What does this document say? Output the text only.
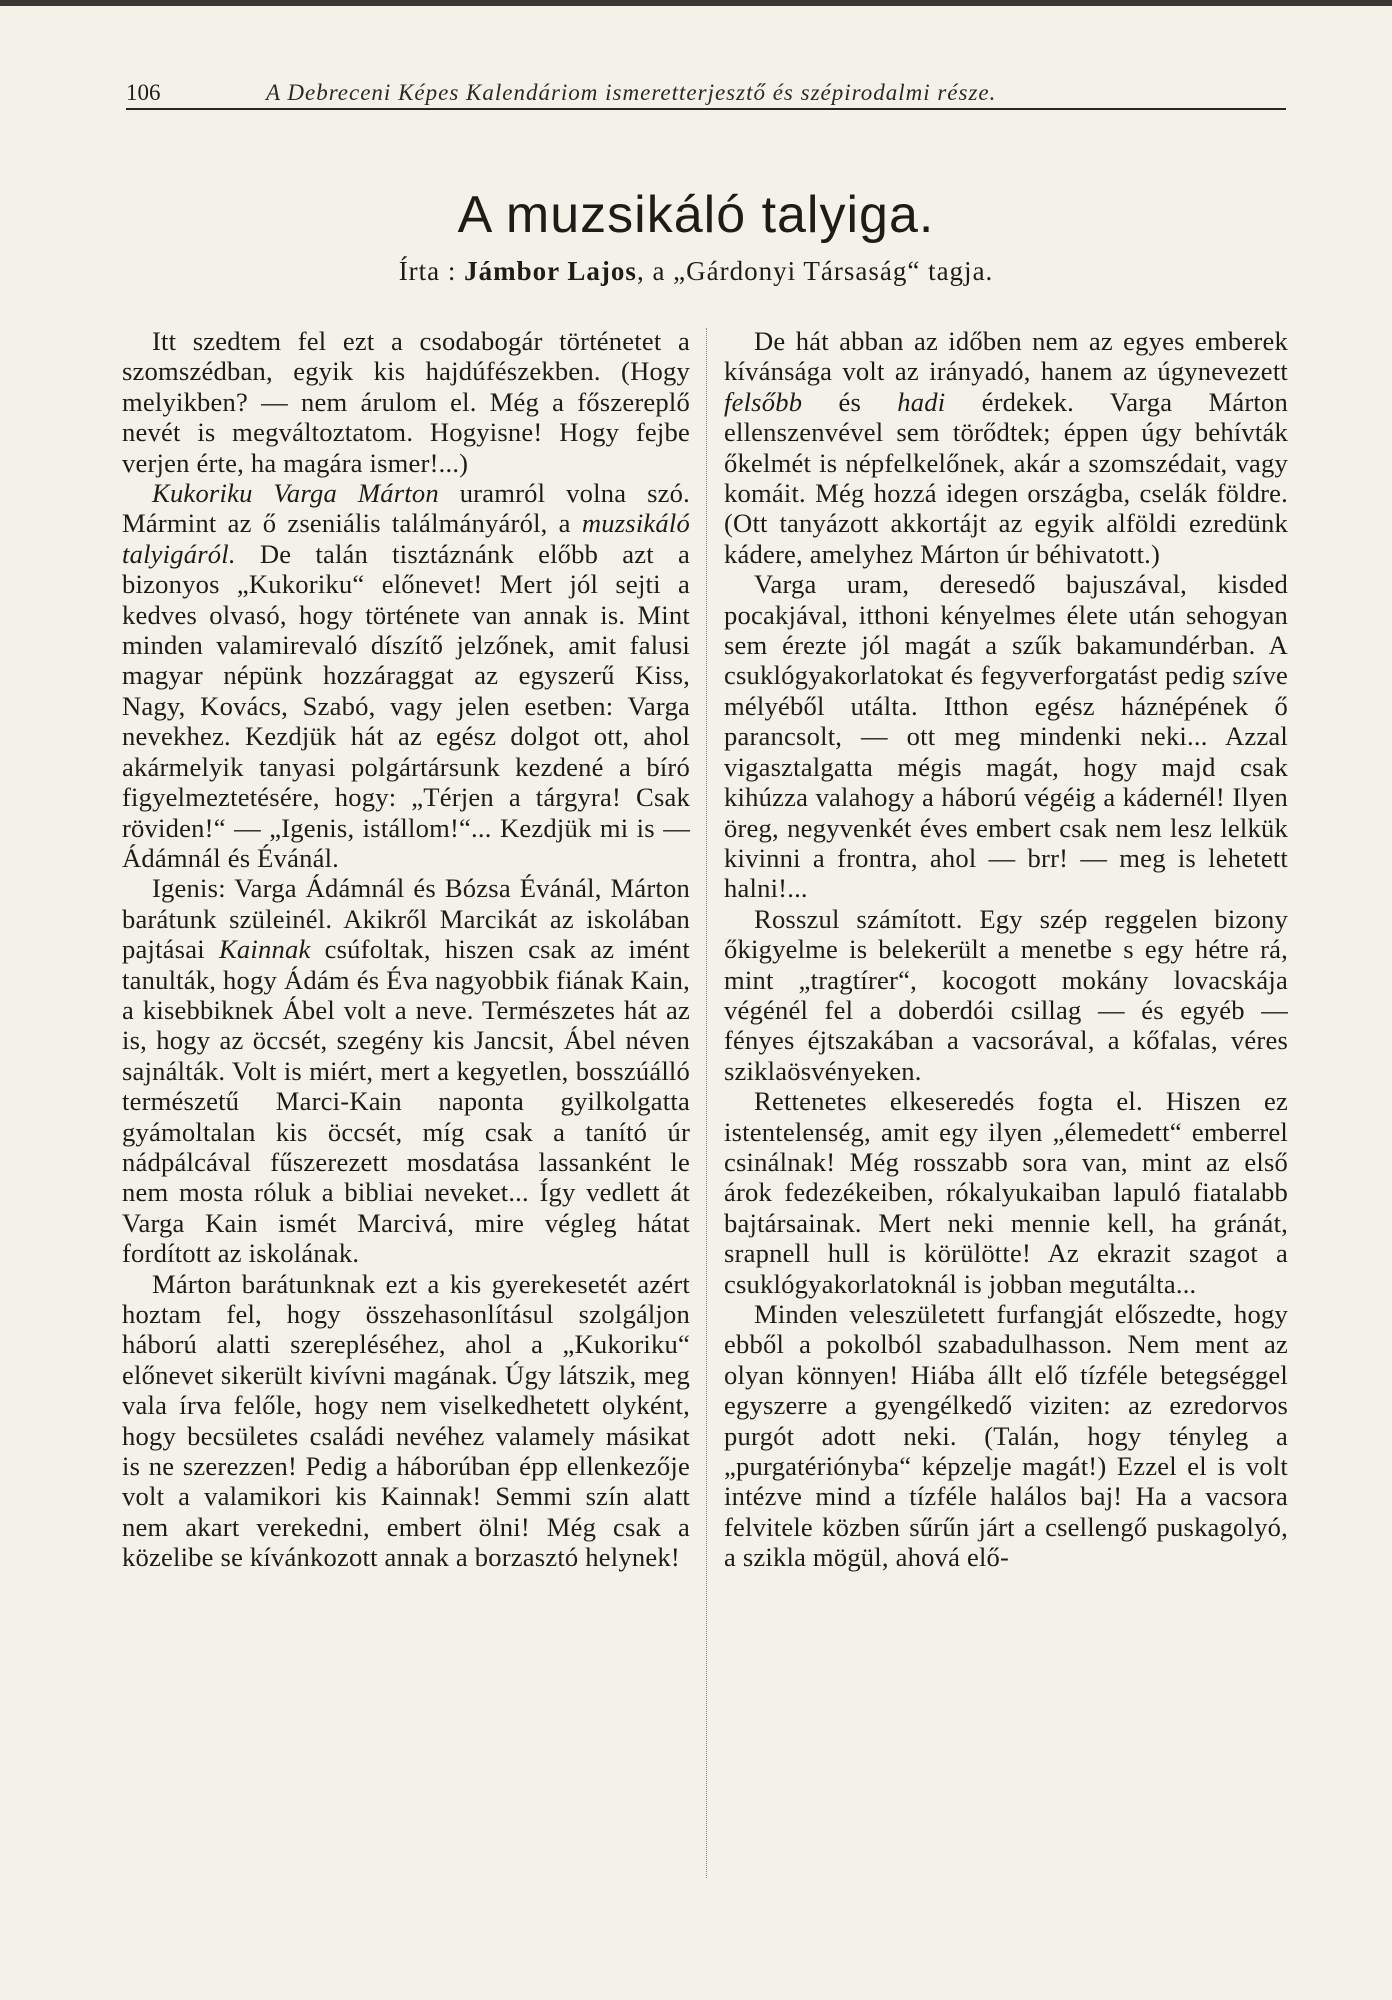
106	A Debreceni Képes Kalendáriom ismeretterjesztő és szépirodalmi része.
A muzsikáló talyiga.
Írta : Jámbor Lajos, a „Gárdonyi Társaság“ tagja.

Itt szedtem fel ezt a csodabogár történetet a szomszédban, egyik kis hajdúfészekben. (Hogy melyikben? — nem árulom el. Még a főszereplő nevét is megváltoztatom. Hogyisne! Hogy fejbe verjen érte, ha magára ismer!...)

Kukoriku Varga Márton uramról volna szó. Mármint az ő zseniális találmányáról, a muzsikáló talyigáról. De talán tisztáznánk előbb azt a bizonyos „Kukoriku“ előnevet! Mert jól sejti a kedves olvasó, hogy története van annak is. Mint minden valamirevaló díszítő jelzőnek, amit falusi magyar népünk hozzáraggat az egyszerű Kiss, Nagy, Kovács, Szabó, vagy jelen esetben: Varga nevekhez. Kezdjük hát az egész dolgot ott, ahol akármelyik tanyasi polgártársunk kezdené a bíró figyelmeztetésére, hogy: „Térjen a tárgyra! Csak röviden!“ — „Igenis, istállom!“... Kezdjük mi is — Ádámnál és Évánál.

Igenis: Varga Ádámnál és Bózsa Évánál, Márton barátunk szüleinél. Akikről Marcikát az iskolában pajtásai Kainnak csúfoltak, hiszen csak az imént tanulták, hogy Ádám és Éva nagyobbik fiának Kain, a kisebbiknek Ábel volt a neve. Természetes hát az is, hogy az öccsét, szegény kis Jancsit, Ábel néven sajnálták. Volt is miért, mert a kegyetlen, bosszúálló természetű Marci-Kain naponta gyilkolgatta gyámoltalan kis öccsét, míg csak a tanító úr nádpálcával fűszerezett mosdatása lassanként le nem mosta róluk a bibliai neveket... Így vedlett át Varga Kain ismét Marcivá, mire végleg hátat fordított az iskolának.

Márton barátunknak ezt a kis gyerekesetét azért hoztam fel, hogy összehasonlításul szolgáljon háború alatti szerepléséhez, ahol a „Kukoriku“ előnevet sikerült kivívni magának. Úgy látszik, meg vala írva felőle, hogy nem viselkedhetett olyként, hogy becsületes családi nevéhez valamely másikat is ne szerezzen! Pedig a háborúban épp ellenkezője volt a valamikori kis Kainnak! Semmi szín alatt nem akart verekedni, embert ölni! Még csak a közelibe se kívánkozott annak a borzasztó helynek!

De hát abban az időben nem az egyes emberek kívánsága volt az irányadó, hanem az úgynevezett felsőbb és hadi érdekek. Varga Márton ellenszenvével sem törődtek; éppen úgy behívták őkelmét is népfelkelőnek, akár a szomszédait, vagy komáit. Még hozzá idegen országba, cselák földre. (Ott tanyázott akkortájt az egyik alföldi ezredünk kádere, amelyhez Márton úr béhivatott.)

Varga uram, deresedő bajuszával, kisded pocakjával, itthoni kényelmes élete után sehogyan sem érezte jól magát a szűk bakamundérban. A csuklógyakorlatokat és fegyverforgatást pedig szíve mélyéből utálta. Itthon egész háznépének ő parancsolt, — ott meg mindenki neki... Azzal vigasztalgatta mégis magát, hogy majd csak kihúzza valahogy a háború végéig a kádernél! Ilyen öreg, negyvenkét éves embert csak nem lesz lelkük kivinni a frontra, ahol — brr! — meg is lehetett halni!...

Rosszul számított. Egy szép reggelen bizony őkigyelme is belekerült a menetbe s egy hétre rá, mint „tragtírer“, kocogott mokány lovacskája végénél fel a doberdói csillag — és egyéb — fényes éjtszakában a vacsorával, a kőfalas, véres sziklaösvényeken.

Rettenetes elkeseredés fogta el. Hiszen ez istentelenség, amit egy ilyen „élemedett“ emberrel csinálnak! Még rosszabb sora van, mint az első árok fedezékeiben, rókalyukaiban lapuló fiatalabb bajtársainak. Mert neki mennie kell, ha gránát, srapnell hull is körülötte! Az ekrazit szagot a csuklógyakorlatoknál is jobban megutálta...

Minden veleszületett furfangját előszedte, hogy ebből a pokolból szabadulhasson. Nem ment az olyan könnyen! Hiába állt elő tízféle betegséggel egyszerre a gyengélkedő viziten: az ezredorvos purgót adott neki. (Talán, hogy tényleg a „purgatériónyba“ képzelje magát!) Ezzel el is volt intézve mind a tízféle halálos baj! Ha a vacsora felvitele közben sűrűn járt a csellengő puskagolyó, a szikla mögül, ahová elő-
